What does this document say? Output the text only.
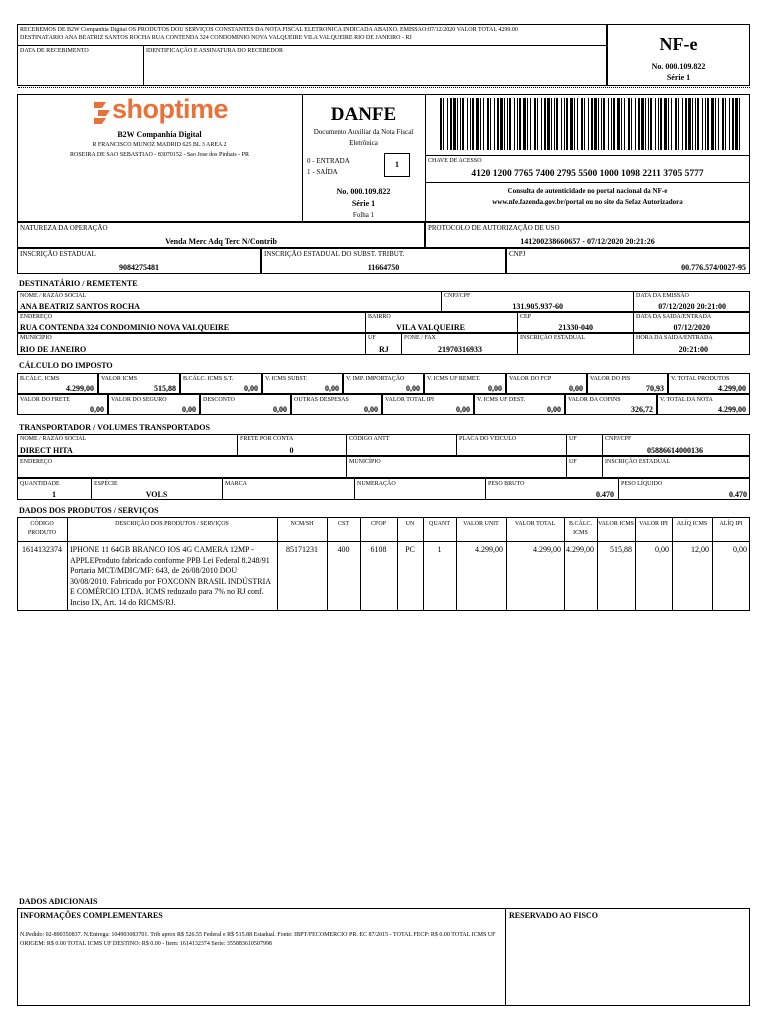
RECEBEMOS DE B2W Companhia Digital OS PRODUTOS DOU SERVIÇOS CONSTANTES DA NOTA FISCAL ELETRÔNICA INDICADA ABAIXO. EMISSÃO:07/12/2020 VALOR TOTAL 4299.00
DESTINATÁRIO ANA BEATRIZ SANTOS ROCHA RUA CONTENDA 324 CONDOMINIO NOVA VALQUEIRE VILA VALQUEIRE RIO DE JANEIRO - RJ
DATA DE RECEBIMENTO	IDENTIFICAÇÃO E ASSINATURA DO RECEBEDOR	NF-e
No. 000.109.822
Série 1
shoptime
B2W Companhia Digital
R FRANCISCO MUNOZ MADRID 625 BL 3 AREA 2
ROSEIRA DE SAO SEBASTIAO - 83070152 - Sao Jose dos Pinhais - PR
DANFE
Documento Auxiliar da Nota Fiscal Eletrônica
0 - ENTRADA
1 - SAÍDA
1
No. 000.109.822
Série 1
Folha 1
CHAVE DE ACESSO
4120 1200 7765 7400 2795 5500 1000 1098 2211 3705 5777
Consulta de autenticidade no portal nacional da NF-e
www.nfe.fazenda.gov.br/portal ou no site da Sefaz Autorizadora
NATUREZA DA OPERAÇÃO
Venda Merc Adq Terc N/Contrib
PROTOCOLO DE AUTORIZAÇÃO DE USO
141200238660657 - 07/12/2020 20:21:26
INSCRIÇÃO ESTADUAL
9084275481
INSCRIÇÃO ESTADUAL DO SUBST. TRIBUT.
11664750
CNPJ
00.776.574/0027-95
DESTINATÁRIO / REMETENTE
NOME / RAZÃO SOCIAL
ANA BEATRIZ SANTOS ROCHA
CNPJ/CPF
131.905.937-60
DATA DA EMISSÃO
07/12/2020 20:21:00
ENDEREÇO
RUA CONTENDA 324 CONDOMINIO NOVA VALQUEIRE
BAIRRO
VILA VALQUEIRE
CEP
21330-040
DATA DA SAÍDA/ENTRADA
07/12/2020
MUNICÍPIO
RIO DE JANEIRO
UF
RJ
FONE / FAX
21970316933
INSCRIÇÃO ESTADUAL	HORA DA SAÍDA/ENTRADA
20:21:00
CÁLCULO DO IMPOSTO
B.CÁLC. ICMS
4.299,00
VALOR ICMS
515,88
B.CÁLC. ICMS S.T.
0,00
V. ICMS SUBST.
0,00
V. IMP. IMPORTAÇÃO
0,00
V. ICMS UF REMET.
0,00
VALOR DO FCP
0,00
VALOR DO PIS
70,93
V. TOTAL PRODUTOS
4.299,00
VALOR DO FRETE
0,00
VALOR DO SEGURO
0,00
DESCONTO
0,00
OUTRAS DESPESAS
0,00
VALOR TOTAL IPI
0,00
V. ICMS UF DEST.
0,00
VALOR DA COFINS
326,72
V. TOTAL DA NOTA
4.299,00
TRANSPORTADOR / VOLUMES TRANSPORTADOS
NOME / RAZÃO SOCIAL
DIRECT HITA
FRETE POR CONTA
0
CÓDIGO ANTT	PLACA DO VEÍCULO	UF	CNPJ/CPF
05886614000136
ENDEREÇO	MUNICÍPIO	UF	INSCRIÇÃO ESTADUAL
QUANTIDADE
1
ESPÉCIE
VOLS
MARCA	NUMERAÇÃO	PESO BRUTO
0.470
PESO LÍQUIDO
0.470
DADOS DOS PRODUTOS / SERVIÇOS
CÓDIGO PRODUTO
1614132374
DESCRIÇÃO DOS PRODUTOS / SERVIÇOS
IPHONE 11 64GB BRANCO IOS 4G CAMERA 12MP - APPLEProduto fabricado conforme PPB Lei Federal 8.248/91 Portaria MCT/MDIC/MF: 643, de 26/08/2010 DOU 30/08/2010. Fabricado por FOXCONN BRASIL INDÚSTRIA E COMÉRCIO LTDA. ICMS reduzado para 7% no RJ conf. Inciso IX, Art. 14 do RICMS/RJ.
NCM/SH
85171231
CST
400
CFOP
6108
UN
PC
QUANT
1
VALOR UNIT
4.299,00
VALOR TOTAL
4.299,00
B.CÁLC. ICMS
4.299,00
VALOR ICMS
515,88
VALOR IPI
0,00
ALÍQ ICMS
12,00
ALÍQ IPI
0,00
DADOS ADICIONAIS
INFORMAÇÕES COMPLEMENTARES
N.Pedido: 02-890350837. N.Entrega: 104903083701. Trib aprox R$ 526.55 Federal e R$ 515.88 Estadual. Fonte: IBPT/FECOMERCIO PR. EC 87/2015 - TOTAL FECP: R$ 0.00 TOTAL ICMS UF ORIGEM: R$ 0.00 TOTAL ICMS UF DESTINO: R$ 0.00 - Item: 1614132374 Serie: 355883610507998
RESERVADO AO FISCO
